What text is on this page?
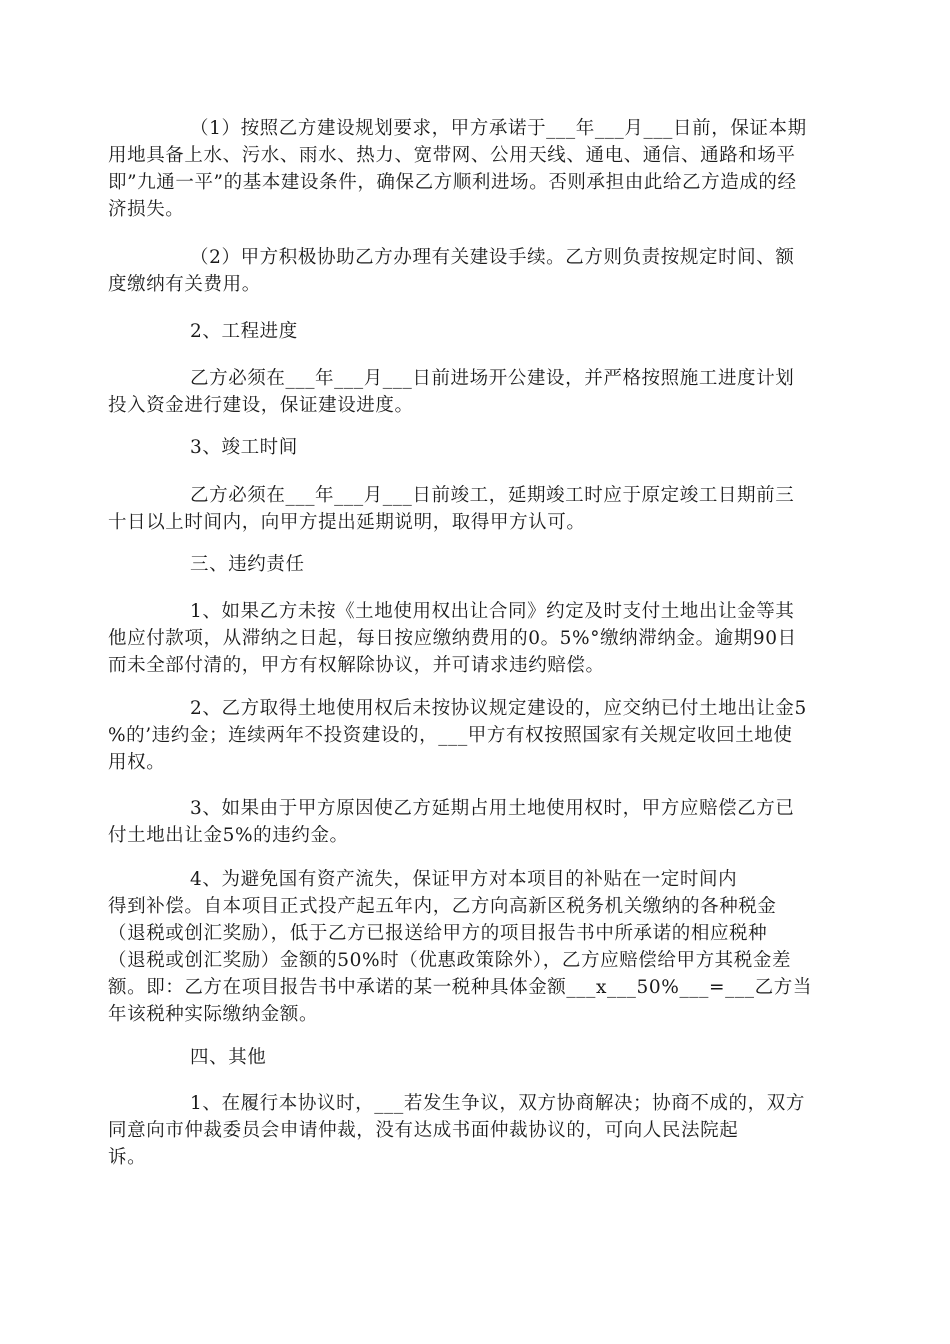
（1）按照乙方建设规划要求，甲方承诺于___年___月___日前，保证本期
用地具备上水、污水、雨水、热力、宽带网、公用天线、通电、通信、通路和场平
即”九通一平”的基本建设条件，确保乙方顺利进场。否则承担由此给乙方造成的经
济损失。
（2）甲方积极协助乙方办理有关建设手续。乙方则负责按规定时间、额
度缴纳有关费用。
2、工程进度
乙方必须在___年___月___日前进场开公建设，并严格按照施工进度计划
投入资金进行建设，保证建设进度。
3、竣工时间
乙方必须在___年___月___日前竣工，延期竣工时应于原定竣工日期前三
十日以上时间内，向甲方提出延期说明，取得甲方认可。
三、违约责任
1、如果乙方未按《土地使用权出让合同》约定及时支付土地出让金等其
他应付款项，从滞纳之日起，每日按应缴纳费用的0。5%°缴纳滞纳金。逾期90日
而未全部付清的，甲方有权解除协议，并可请求违约赔偿。
2、乙方取得土地使用权后未按协议规定建设的，应交纳已付土地出让金5
%的’违约金；连续两年不投资建设的，___甲方有权按照国家有关规定收回土地使
用权。
3、如果由于甲方原因使乙方延期占用土地使用权时，甲方应赔偿乙方已
付土地出让金5%的违约金。
4、为避免国有资产流失，保证甲方对本项目的补贴在一定时间内
得到补偿。自本项目正式投产起五年内，乙方向高新区税务机关缴纳的各种税金
（退税或创汇奖励），低于乙方已报送给甲方的项目报告书中所承诺的相应税种
（退税或创汇奖励）金额的50%时（优惠政策除外），乙方应赔偿给甲方其税金差
额。即：乙方在项目报告书中承诺的某一税种具体金额___x___50%___=___乙方当
年该税种实际缴纳金额。
四、其他
1、在履行本协议时，___若发生争议，双方协商解决；协商不成的，双方
同意向市仲裁委员会申请仲裁，没有达成书面仲裁协议的，可向人民法院起
诉。
